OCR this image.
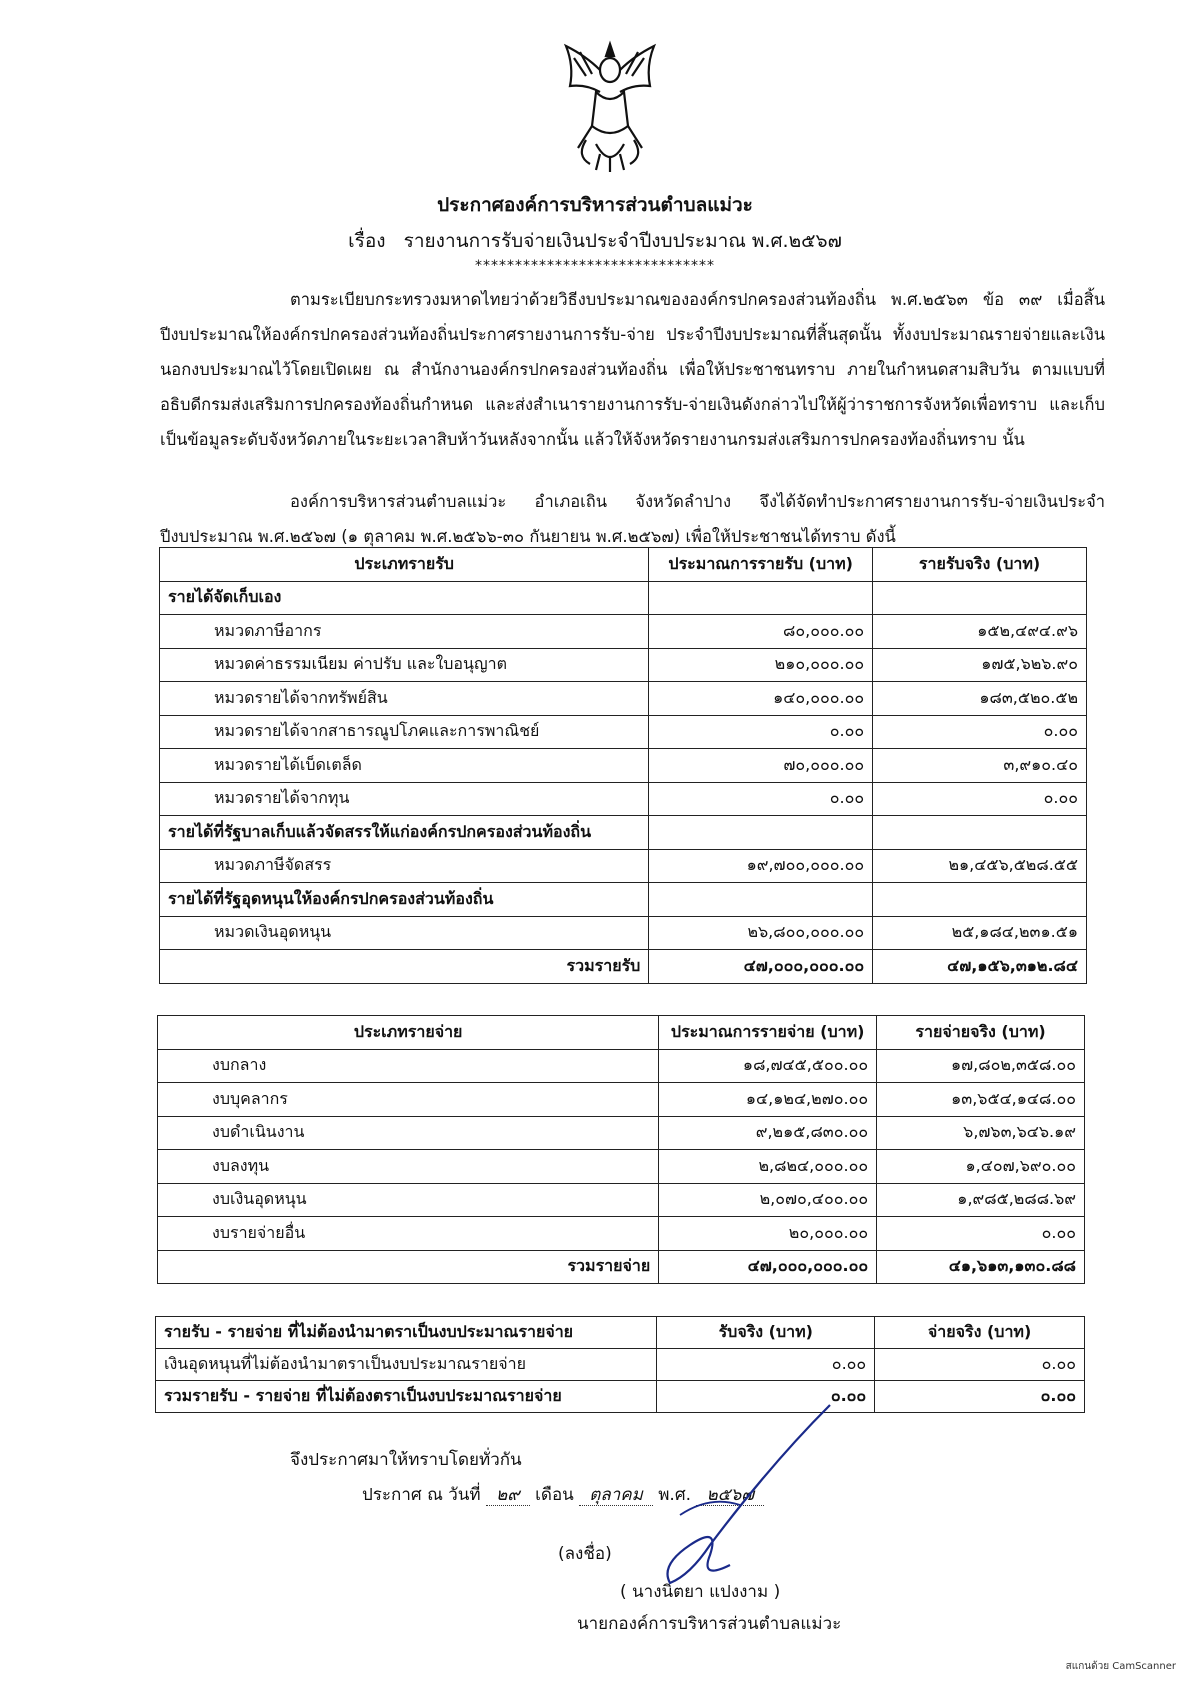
ประกาศองค์การบริหารส่วนตำบลแม่วะ
เรื่อง รายงานการรับจ่ายเงินประจำปีงบประมาณ พ.ศ.๒๕๖๗
******************************
ตามระเบียบกระทรวงมหาดไทยว่าด้วยวิธีงบประมาณขององค์กรปกครองส่วนท้องถิ่น พ.ศ.๒๕๖๓ ข้อ ๓๙ เมื่อสิ้นปีงบประมาณให้องค์กรปกครองส่วนท้องถิ่นประกาศรายงานการรับ-จ่าย ประจำปีงบประมาณที่สิ้นสุดนั้น ทั้งงบประมาณรายจ่ายและเงินนอกงบประมาณไว้โดยเปิดเผย ณ สำนักงานองค์กรปกครองส่วนท้องถิ่น เพื่อให้ประชาชนทราบ ภายในกำหนดสามสิบวัน ตามแบบที่อธิบดีกรมส่งเสริมการปกครองท้องถิ่นกำหนด และส่งสำเนารายงานการรับ-จ่ายเงินดังกล่าวไปให้ผู้ว่าราชการจังหวัดเพื่อทราบ และเก็บเป็นข้อมูลระดับจังหวัดภายในระยะเวลาสิบห้าวันหลังจากนั้น แล้วให้จังหวัดรายงานกรมส่งเสริมการปกครองท้องถิ่นทราบ นั้น
องค์การบริหารส่วนตำบลแม่วะ อำเภอเถิน จังหวัดลำปาง จึงได้จัดทำประกาศรายงานการรับ-จ่ายเงินประจำปีงบประมาณ พ.ศ.๒๕๖๗ (๑ ตุลาคม พ.ศ.๒๕๖๖-๓๐ กันยายน พ.ศ.๒๕๖๗) เพื่อให้ประชาชนได้ทราบ ดังนี้
ประเภทรายรับ	ประมาณการรายรับ (บาท)	รายรับจริง (บาท)
รายได้จัดเก็บเอง		
หมวดภาษีอากร	๘๐,๐๐๐.๐๐	๑๕๒,๔๙๔.๙๖
หมวดค่าธรรมเนียม ค่าปรับ และใบอนุญาต	๒๑๐,๐๐๐.๐๐	๑๗๕,๖๒๖.๙๐
หมวดรายได้จากทรัพย์สิน	๑๔๐,๐๐๐.๐๐	๑๘๓,๕๒๐.๕๒
หมวดรายได้จากสาธารณูปโภคและการพาณิชย์	๐.๐๐	๐.๐๐
หมวดรายได้เบ็ดเตล็ด	๗๐,๐๐๐.๐๐	๓,๙๑๐.๔๐
หมวดรายได้จากทุน	๐.๐๐	๐.๐๐
รายได้ที่รัฐบาลเก็บแล้วจัดสรรให้แก่องค์กรปกครองส่วนท้องถิ่น		
หมวดภาษีจัดสรร	๑๙,๗๐๐,๐๐๐.๐๐	๒๑,๔๕๖,๕๒๘.๕๕
รายได้ที่รัฐอุดหนุนให้องค์กรปกครองส่วนท้องถิ่น		
หมวดเงินอุดหนุน	๒๖,๘๐๐,๐๐๐.๐๐	๒๕,๑๘๔,๒๓๑.๕๑
รวมรายรับ	๔๗,๐๐๐,๐๐๐.๐๐	๔๗,๑๕๖,๓๑๒.๘๔
ประเภทรายจ่าย	ประมาณการรายจ่าย (บาท)	รายจ่ายจริง (บาท)
งบกลาง	๑๘,๗๔๕,๕๐๐.๐๐	๑๗,๘๐๒,๓๕๘.๐๐
งบบุคลากร	๑๔,๑๒๔,๒๗๐.๐๐	๑๓,๖๕๔,๑๔๘.๐๐
งบดำเนินงาน	๙,๒๑๕,๘๓๐.๐๐	๖,๗๖๓,๖๔๖.๑๙
งบลงทุน	๒,๘๒๔,๐๐๐.๐๐	๑,๔๐๗,๖๙๐.๐๐
งบเงินอุดหนุน	๒,๐๗๐,๔๐๐.๐๐	๑,๙๘๕,๒๘๘.๖๙
งบรายจ่ายอื่น	๒๐,๐๐๐.๐๐	๐.๐๐
รวมรายจ่าย	๔๗,๐๐๐,๐๐๐.๐๐	๔๑,๖๑๓,๑๓๐.๘๘
รายรับ - รายจ่าย ที่ไม่ต้องนำมาตราเป็นงบประมาณรายจ่าย	รับจริง (บาท)	จ่ายจริง (บาท)
เงินอุดหนุนที่ไม่ต้องนำมาตราเป็นงบประมาณรายจ่าย	๐.๐๐	๐.๐๐
รวมรายรับ - รายจ่าย ที่ไม่ต้องตราเป็นงบประมาณรายจ่าย	๐.๐๐	๐.๐๐
จึงประกาศมาให้ทราบโดยทั่วกัน
ประกาศ ณ วันที่ ๒๙ เดือน ตุลาคม พ.ศ. ๒๕๖๗
(ลงชื่อ)
( นางนิตยา แปงงาม )
นายกองค์การบริหารส่วนตำบลแม่วะ
สแกนด้วย CamScanner
